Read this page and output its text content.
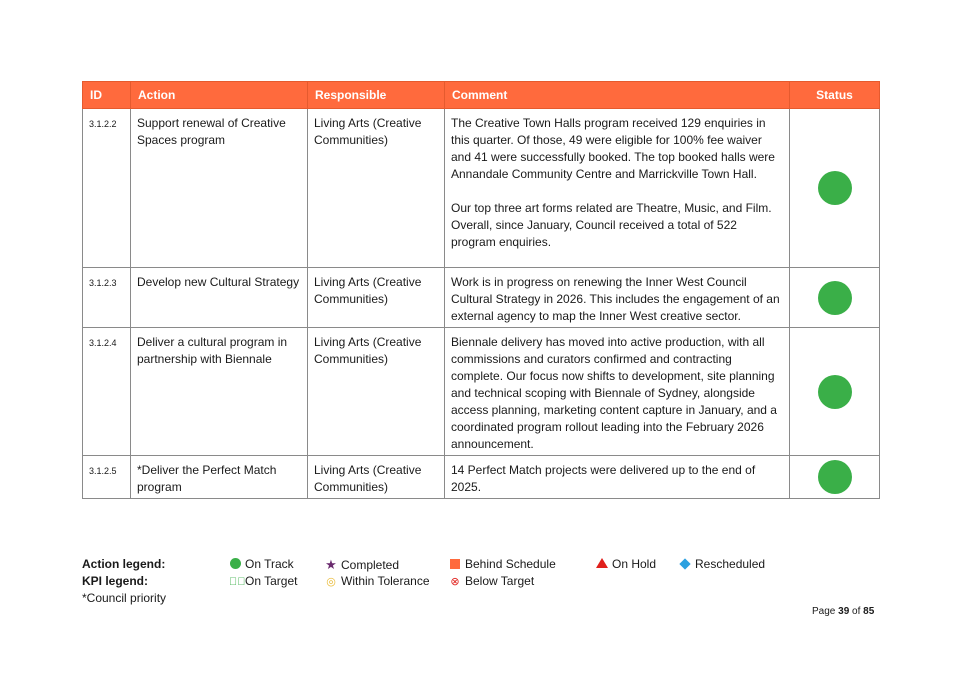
ID	Action	Responsible	Comment	Status
3.1.2.2	Support renewal of Creative Spaces program	Living Arts (Creative Communities)	The Creative Town Halls program received 129 enquiries in this quarter. Of those, 49 were eligible for 100% fee waiver and 41 were successfully booked. The top booked halls were Annandale Community Centre and Marrickville Town Hall.

Our top three art forms related are Theatre, Music, and Film. Overall, since January, Council received a total of 522 program enquiries.	

3.1.2.3	Develop new Cultural Strategy	Living Arts (Creative Communities)	Work is in progress on renewing the Inner West Council Cultural Strategy in 2026. This includes the engagement of an external agency to map the Inner West creative sector.	
3.1.2.4	Deliver a cultural program in partnership with Biennale	Living Arts (Creative Communities)	Biennale delivery has moved into active production, with all commissions and curators confirmed and contracting complete. Our focus now shifts to development, site planning and technical scoping with Biennale of Sydney, alongside access planning, marketing content capture in January, and a coordinated program rollout leading into the February 2026 announcement.	
3.1.2.5	*Deliver the Perfect Match program	Living Arts (Creative Communities)	14 Perfect Match projects were delivered up to the end of 2025.	
Action legend:	On Track ★ Completed	Behind Schedule	On Hold	Rescheduled
KPI legend:	✓⃝On Target	◎ Within Tolerance ⊗ Below Target
*Council priority
Page 39 of 85
